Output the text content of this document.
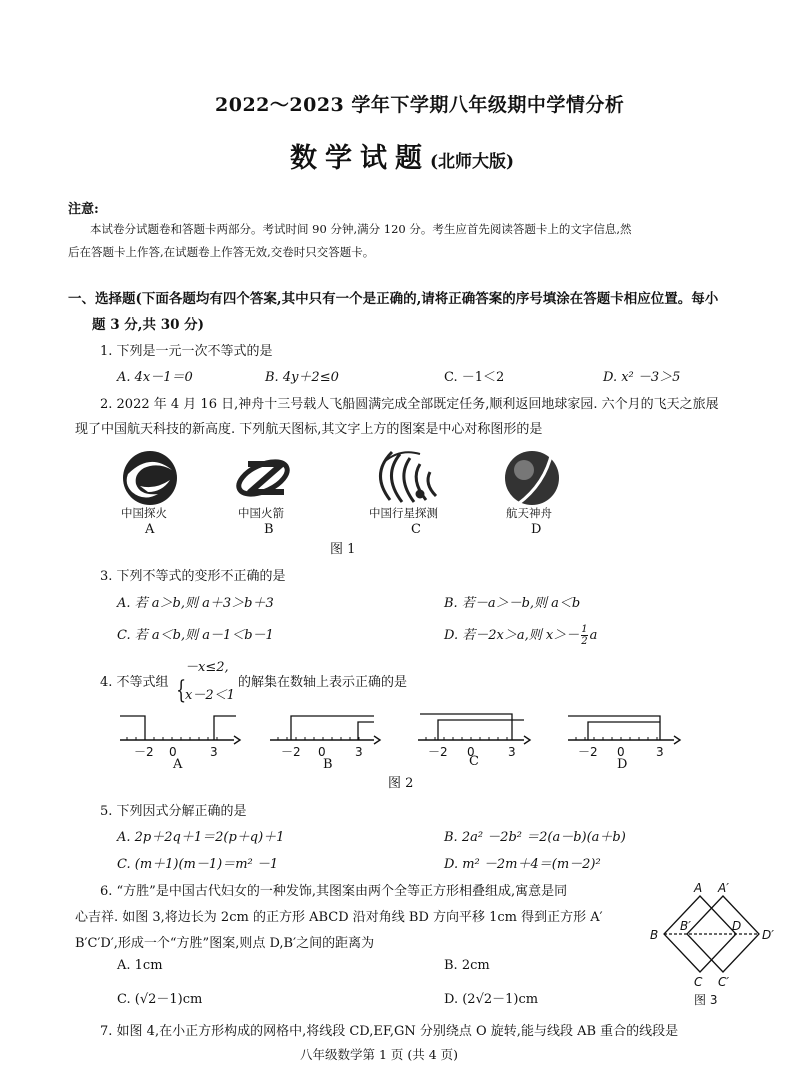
2022～2023 学年下学期八年级期中学情分析
数学试题(北师大版)
注意:
本试卷分试题卷和答题卡两部分。考试时间 90 分钟,满分 120 分。考生应首先阅读答题卡上的文字信息,然
后在答题卡上作答,在试题卷上作答无效,交卷时只交答题卡。
一、选择题(下面各题均有四个答案,其中只有一个是正确的,请将正确答案的序号填涂在答题卡相应位置。每小
题 3 分,共 30 分)
1. 下列是一元一次不等式的是
A. 4x－1＝0	B. 4y＋2≤0	C. －1＜2	D. x² －3＞5
2. 2022 年 4 月 16 日,神舟十三号载人飞船圆满完成全部既定任务,顺利返回地球家园. 六个月的飞天之旅展
现了中国航天科技的新高度. 下列航天图标,其文字上方的图案是中心对称图形的是
中国探火	中国火箭	中国行星探测	航天神舟
A	B	C	D
图 1
3. 下列不等式的变形不正确的是
A. 若 a＞b,则 a＋3＞b＋3	B. 若－a＞－b,则 a＜b
C. 若 a＜b,则 a－1＜b－1	D. 若－2x＞a,则 $x>- \frac{1}{2}$ a
4. 不等式组 {
－x≤2,
x－2＜1
的解集在数轴上表示正确的是
－2 0	3	－2 0 3	－2 0	3	－2 0	3
A	B	C	D
图 2
5. 下列因式分解正确的是
A. 2p＋2q＋1＝2(p＋q)＋1	B. 2a² －2b² ＝2(a－b)(a＋b)
C. (m＋1)(m－1)＝m² －1	D. m² －2m＋4＝(m－2)²
6. “方胜”是中国古代妇女的一种发饰,其图案由两个全等正方形相叠组成,寓意是同
心吉祥. 如图 3,将边长为 2cm 的正方形 ABCD 沿对角线 BD 方向平移 1cm 得到正方形 A′
B′C′D′,形成一个“方胜”图案,则点 D,B′之间的距离为
A. 1cm	B. 2cm
C. (√2－1)cm	D. (2√2－1)cm
A A′
B
B′	D
D′
C C′
图 3
7. 如图 4,在小正方形构成的网格中,将线段 CD,EF,GN 分别绕点 O 旋转,能与线段 AB 重合的线段是
八年级数学第 1 页 (共 4 页)
